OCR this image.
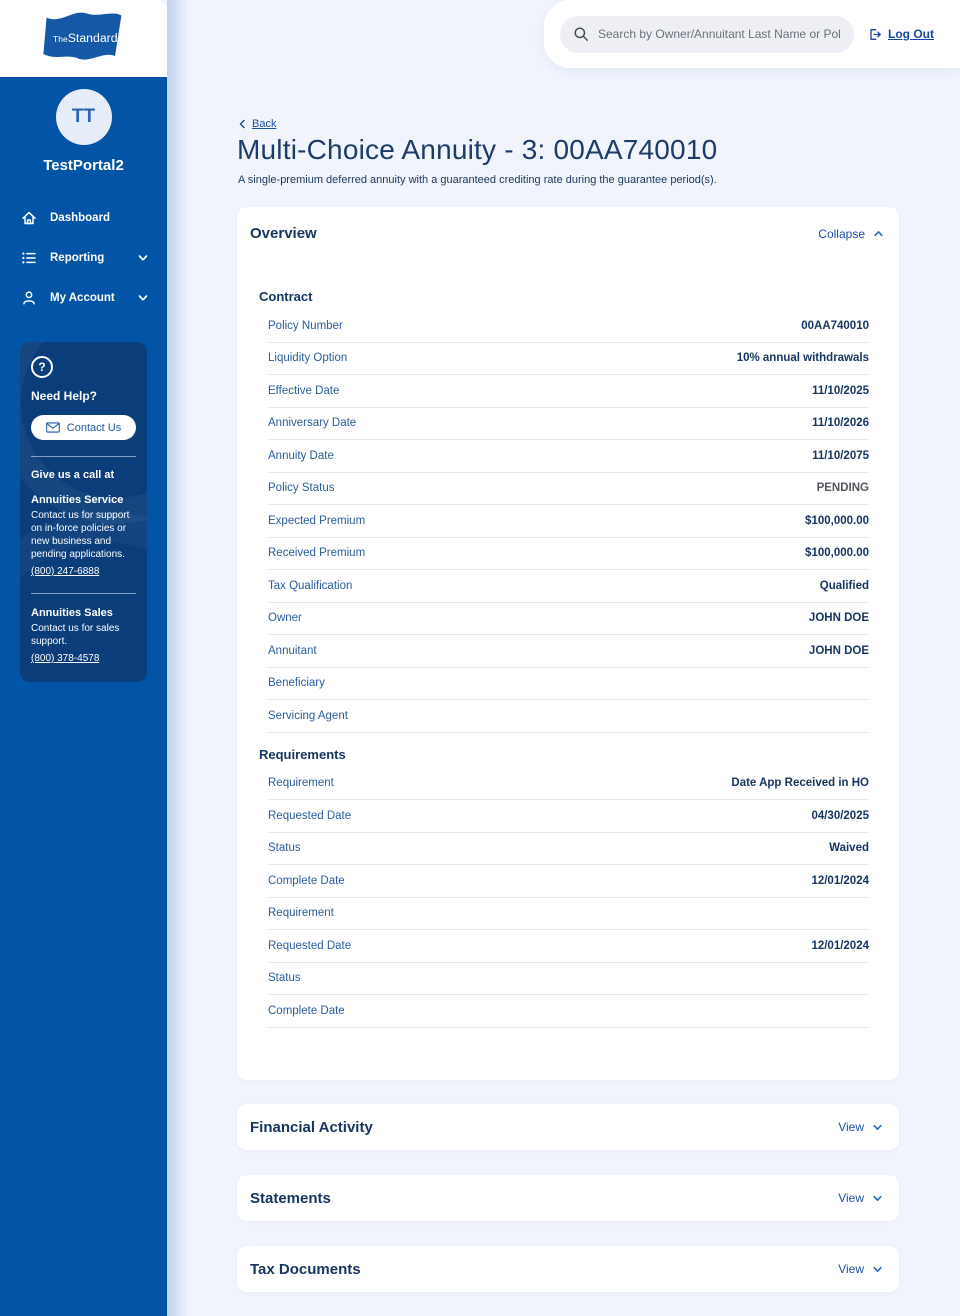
TheStandard™
TT
TestPortal2
Dashboard
Reporting
My Account
?
Need Help?
Contact Us
Give us a call at
Annuities Service
Contact us for support on in-force policies or new business and pending applications.
(800) 247-6888
Annuities Sales
Contact us for sales support.
(800) 378-4578
Search by Owner/Annuitant Last Name or Policy Number
Log Out
Back
Multi-Choice Annuity - 3: 00AA740010

A single-premium deferred annuity with a guaranteed crediting rate during the guarantee period(s).

Overview	Collapse
Contract
Policy Number	00AA740010
Liquidity Option	10% annual withdrawals
Effective Date	11/10/2025
Anniversary Date	11/10/2026
Annuity Date	11/10/2075
Policy Status	PENDING
Expected Premium	$100,000.00
Received Premium	$100,000.00
Tax Qualification	Qualified
Owner	JOHN DOE
Annuitant	JOHN DOE
Beneficiary
Servicing Agent
Requirements
Requirement	Date App Received in HO
Requested Date	04/30/2025
Status	Waived
Complete Date	12/01/2024
Requirement
Requested Date	12/01/2024
Status
Complete Date
Financial Activity	View
Statements	View
Tax Documents	View
